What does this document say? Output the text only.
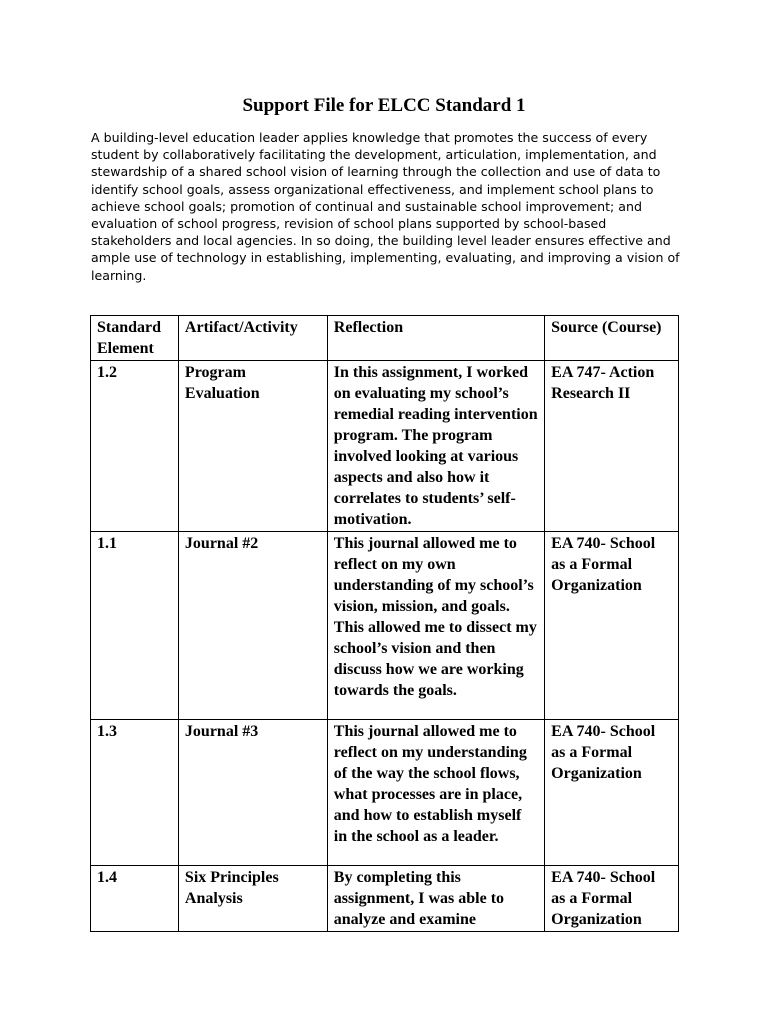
Support File for ELCC Standard 1

A building-level education leader applies knowledge that promotes the success of every student by collaboratively facilitating the development, articulation, implementation, and stewardship of a shared school vision of learning through the collection and use of data to identify school goals, assess organizational effectiveness, and implement school plans to achieve school goals; promotion of continual and sustainable school improvement; and evaluation of school progress, revision of school plans supported by school-based stakeholders and local agencies. In so doing, the building level leader ensures effective and ample use of technology in establishing, implementing, evaluating, and improving a vision of learning.

Standard Element	Artifact/Activity	Reflection	Source (Course)
1.2	Program Evaluation	In this assignment, I worked on evaluating my school’s remedial reading intervention program. The program involved looking at various aspects and also how it correlates to students’ self-motivation.	EA 747- Action Research II
1.1	Journal #2	This journal allowed me to reflect on my own understanding of my school’s vision, mission, and goals. This allowed me to dissect my school’s vision and then discuss how we are working towards the goals.	EA 740- School as a Formal Organization
1.3	Journal #3	This journal allowed me to reflect on my understanding of the way the school flows, what processes are in place, and how to establish myself in the school as a leader.	EA 740- School as a Formal Organization
1.4	Six Principles Analysis	By completing this assignment, I was able to analyze and examine	EA 740- School as a Formal Organization
